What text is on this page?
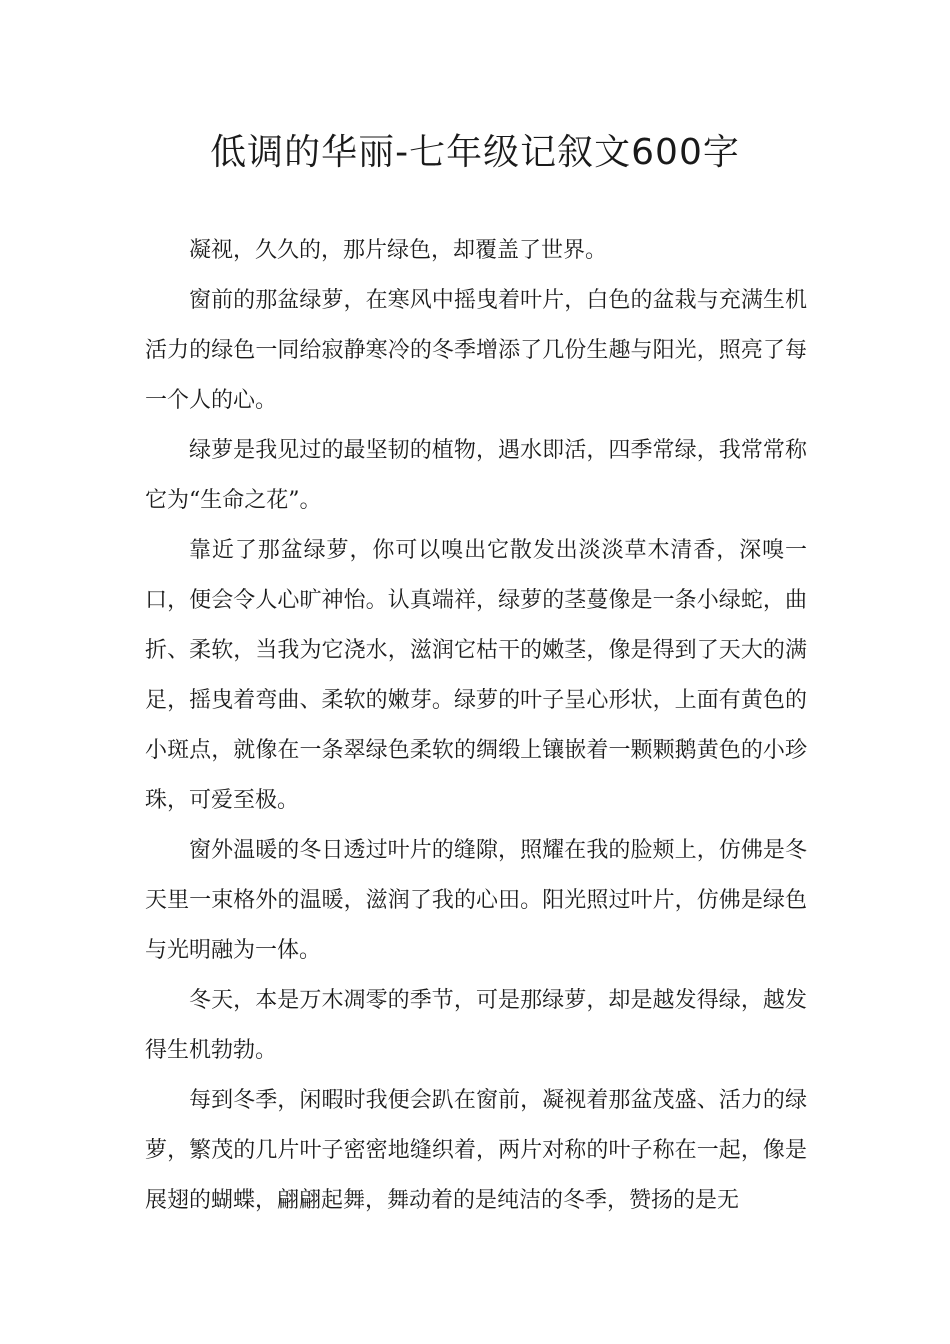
低调的华丽-七年级记叙文600字

凝视，久久的，那片绿色，却覆盖了世界。

窗前的那盆绿萝，在寒风中摇曳着叶片，白色的盆栽与充满生机活力的绿色一同给寂静寒冷的冬季增添了几份生趣与阳光，照亮了每一个人的心。

绿萝是我见过的最坚韧的植物，遇水即活，四季常绿，我常常称它为“生命之花”。

靠近了那盆绿萝，你可以嗅出它散发出淡淡草木清香，深嗅一口，便会令人心旷神怡。认真端祥，绿萝的茎蔓像是一条小绿蛇，曲折、柔软，当我为它浇水，滋润它枯干的嫩茎，像是得到了天大的满足，摇曳着弯曲、柔软的嫩芽。绿萝的叶子呈心形状，上面有黄色的小斑点，就像在一条翠绿色柔软的绸缎上镶嵌着一颗颗鹅黄色的小珍珠，可爱至极。

窗外温暖的冬日透过叶片的缝隙，照耀在我的脸颊上，仿佛是冬天里一束格外的温暖，滋润了我的心田。阳光照过叶片，仿佛是绿色与光明融为一体。

冬天，本是万木凋零的季节，可是那绿萝，却是越发得绿，越发得生机勃勃。

每到冬季，闲暇时我便会趴在窗前，凝视着那盆茂盛、活力的绿萝，繁茂的几片叶子密密地缝织着，两片对称的叶子称在一起，像是展翅的蝴蝶，翩翩起舞，舞动着的是纯洁的冬季，赞扬的是无
